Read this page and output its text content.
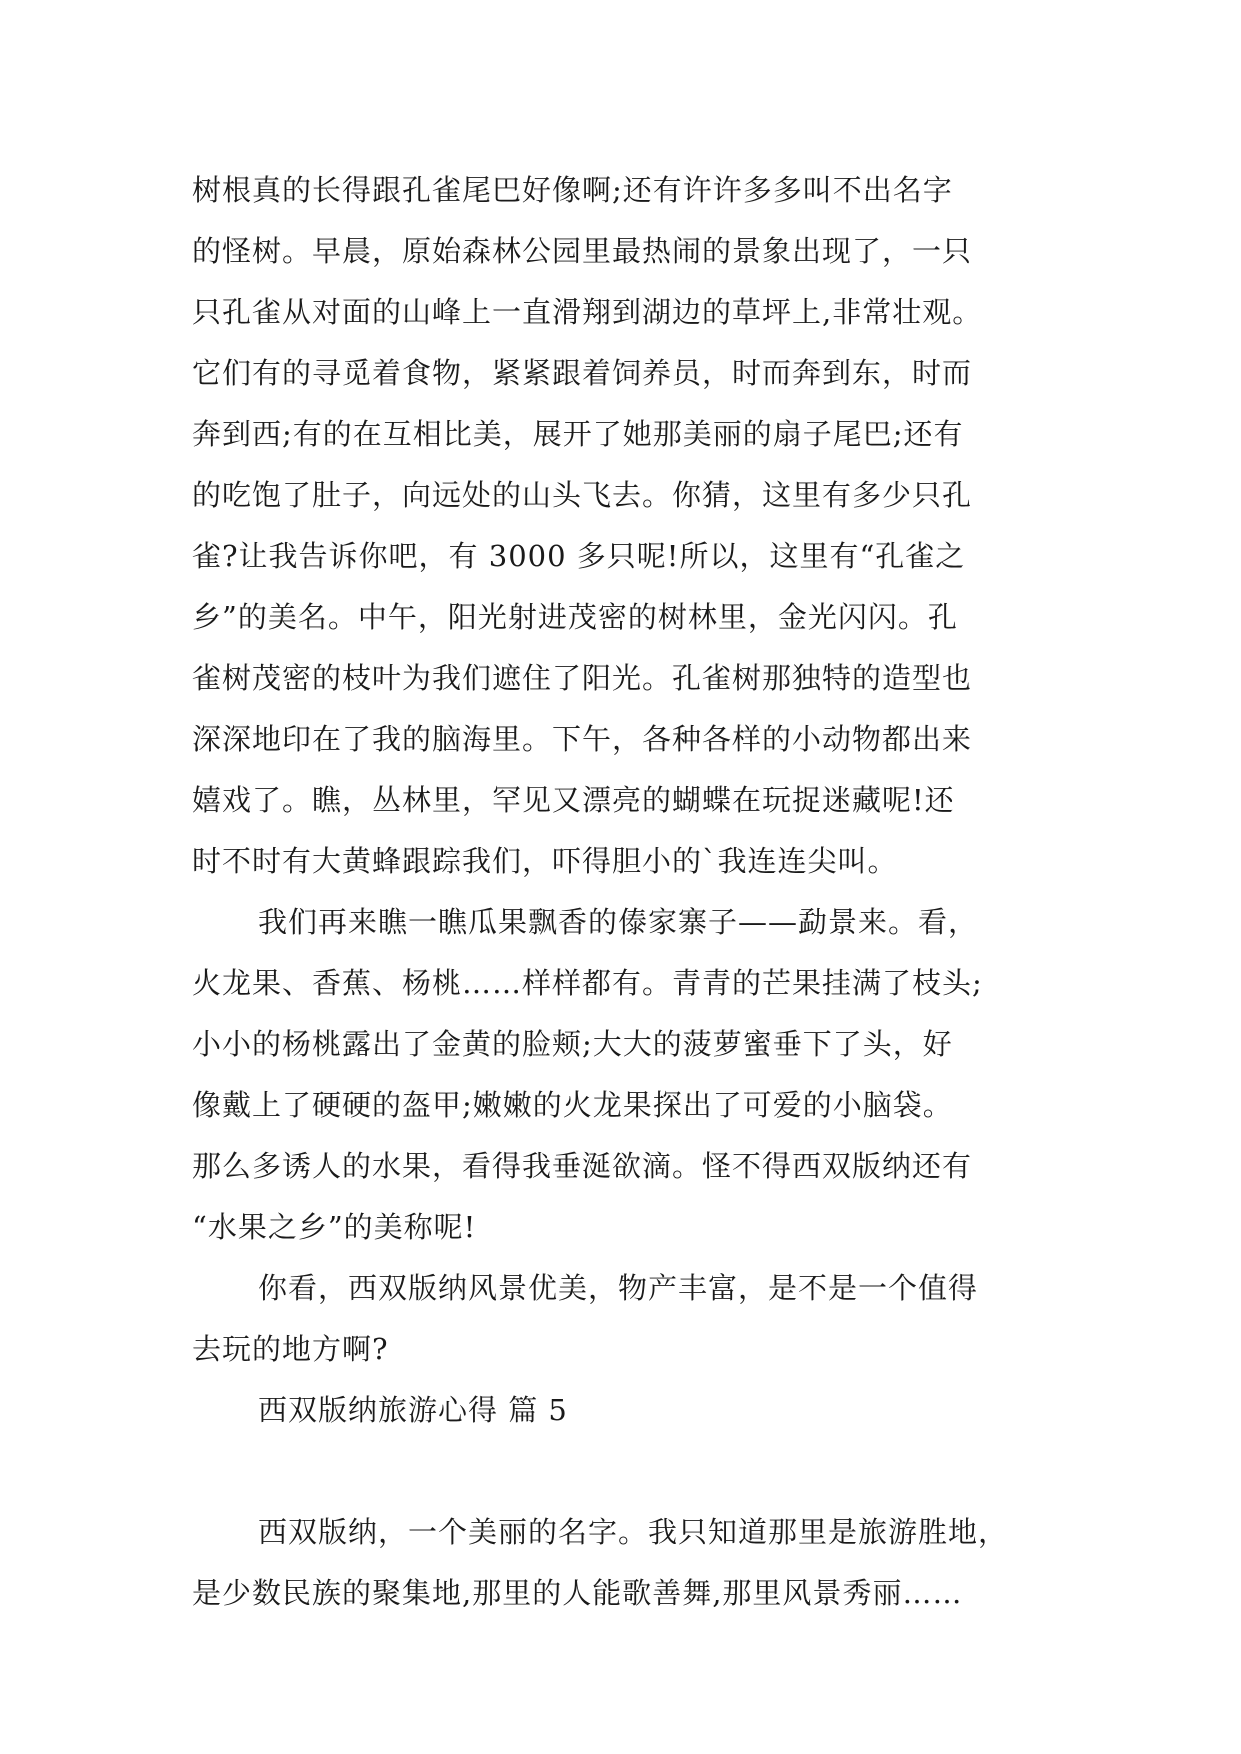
树根真的长得跟孔雀尾巴好像啊;还有许许多多叫不出名字
的怪树。早晨，原始森林公园里最热闹的景象出现了，一只
只孔雀从对面的山峰上一直滑翔到湖边的草坪上,非常壮观。
它们有的寻觅着食物，紧紧跟着饲养员，时而奔到东，时而
奔到西;有的在互相比美，展开了她那美丽的扇子尾巴;还有
的吃饱了肚子，向远处的山头飞去。你猜，这里有多少只孔
雀?让我告诉你吧，有 3000 多只呢!所以，这里有“孔雀之
乡”的美名。中午，阳光射进茂密的树林里，金光闪闪。孔
雀树茂密的枝叶为我们遮住了阳光。孔雀树那独特的造型也
深深地印在了我的脑海里。下午，各种各样的小动物都出来
嬉戏了。瞧，丛林里，罕见又漂亮的蝴蝶在玩捉迷藏呢!还
时不时有大黄蜂跟踪我们，吓得胆小的`我连连尖叫。
我们再来瞧一瞧瓜果飘香的傣家寨子——勐景来。看，
火龙果、香蕉、杨桃……样样都有。青青的芒果挂满了枝头;
小小的杨桃露出了金黄的脸颊;大大的菠萝蜜垂下了头，好
像戴上了硬硬的盔甲;嫩嫩的火龙果探出了可爱的小脑袋。
那么多诱人的水果，看得我垂涎欲滴。怪不得西双版纳还有
“水果之乡”的美称呢!
你看，西双版纳风景优美，物产丰富，是不是一个值得
去玩的地方啊?
西双版纳旅游心得 篇 5
西双版纳，一个美丽的名字。我只知道那里是旅游胜地，
是少数民族的聚集地,那里的人能歌善舞,那里风景秀丽……
